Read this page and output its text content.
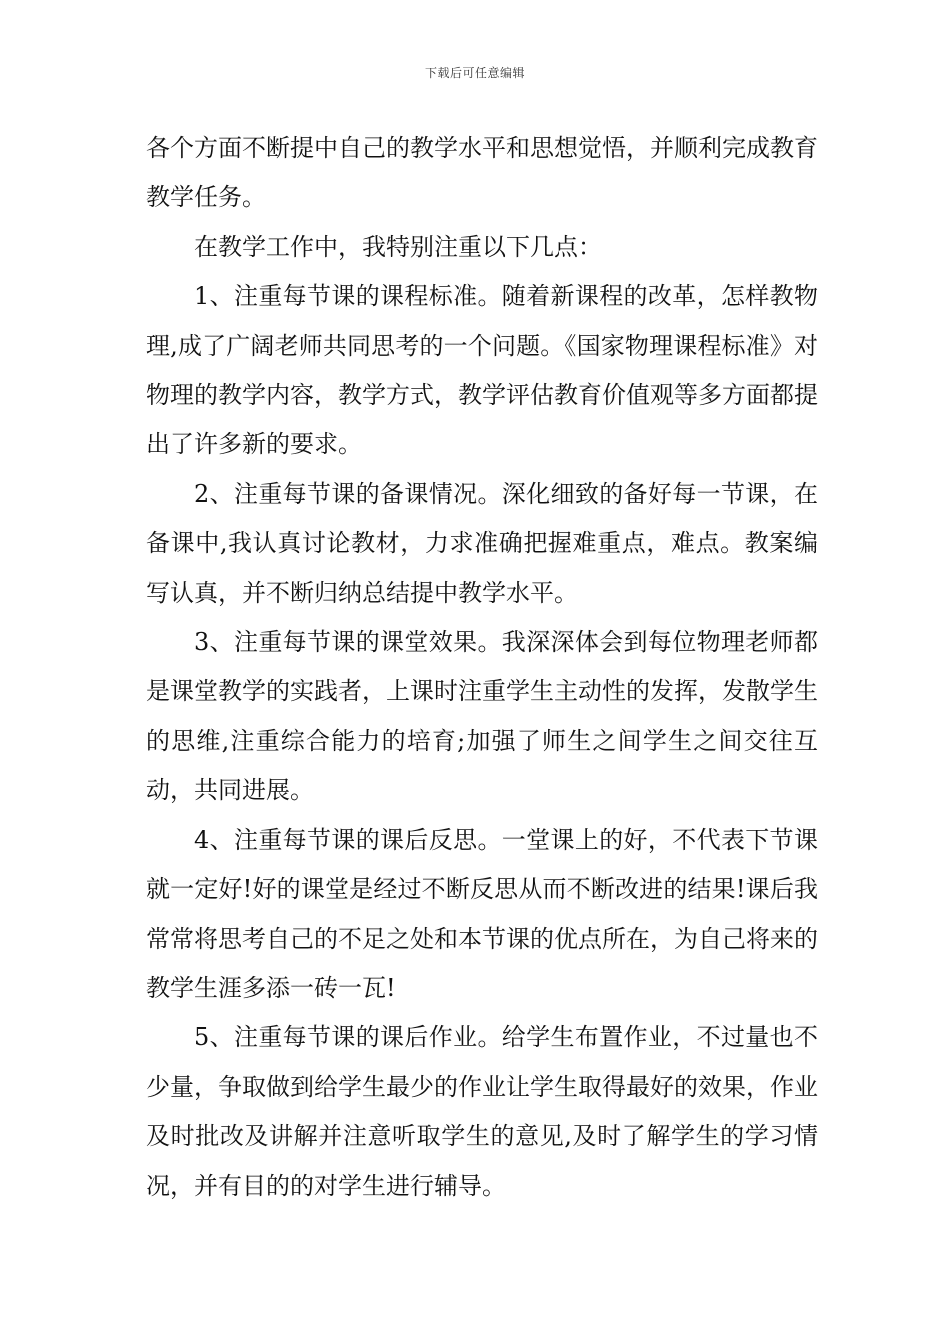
下载后可任意编辑

各个方面不断提中自己的教学水平和思想觉悟，并顺利完成教育教学任务。

在教学工作中，我特别注重以下几点：

1、注重每节课的课程标准。随着新课程的改革，怎样教物理,成了广阔老师共同思考的一个问题。《国家物理课程标准》对物理的教学内容，教学方式，教学评估教育价值观等多方面都提出了许多新的要求。

2、注重每节课的备课情况。深化细致的备好每一节课，在备课中,我认真讨论教材，力求准确把握难重点，难点。教案编写认真，并不断归纳总结提中教学水平。

3、注重每节课的课堂效果。我深深体会到每位物理老师都是课堂教学的实践者，上课时注重学生主动性的发挥，发散学生的思维,注重综合能力的培育;加强了师生之间学生之间交往互动，共同进展。

4、注重每节课的课后反思。一堂课上的好，不代表下节课就一定好!好的课堂是经过不断反思从而不断改进的结果!课后我常常将思考自己的不足之处和本节课的优点所在，为自己将来的教学生涯多添一砖一瓦!

5、注重每节课的课后作业。给学生布置作业，不过量也不少量，争取做到给学生最少的作业让学生取得最好的效果，作业及时批改及讲解并注意听取学生的意见,及时了解学生的学习情况，并有目的的对学生进行辅导。
